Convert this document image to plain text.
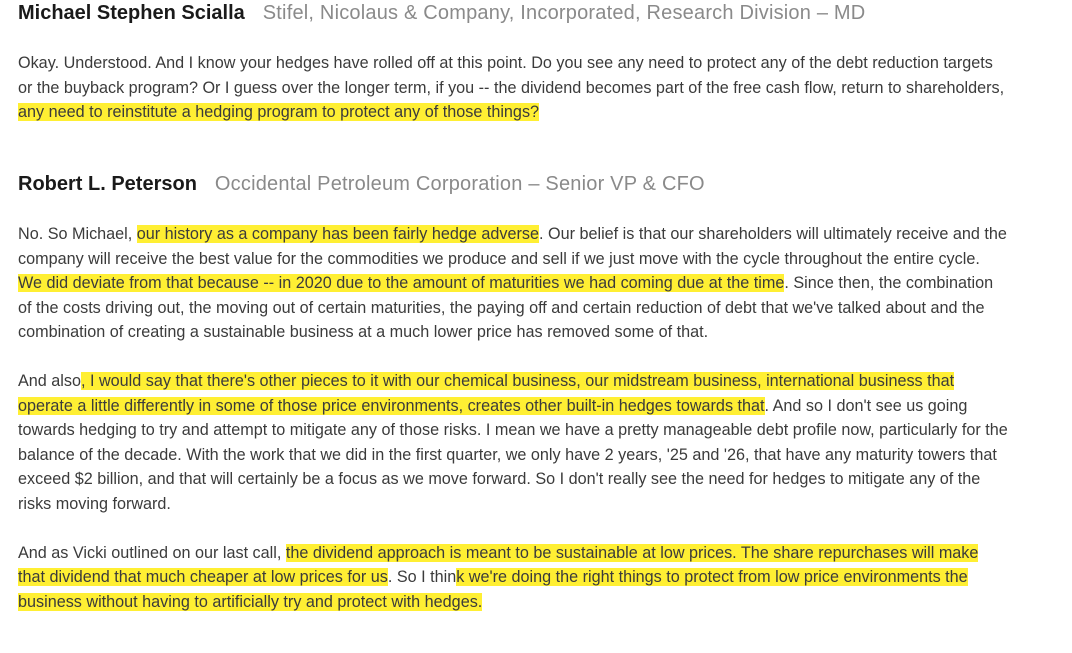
Michael Stephen Scialla Stifel, Nicolaus & Company, Incorporated, Research Division – MD

Okay. Understood. And I know your hedges have rolled off at this point. Do you see any need to protect any of the debt reduction targets or the buyback program? Or I guess over the longer term, if you -- the dividend becomes part of the free cash flow, return to shareholders, any need to reinstitute a hedging program to protect any of those things?

Robert L. Peterson Occidental Petroleum Corporation – Senior VP & CFO

No. So Michael, our history as a company has been fairly hedge adverse. Our belief is that our shareholders will ultimately receive and the company will receive the best value for the commodities we produce and sell if we just move with the cycle throughout the entire cycle. We did deviate from that because -- in 2020 due to the amount of maturities we had coming due at the time. Since then, the combination of the costs driving out, the moving out of certain maturities, the paying off and certain reduction of debt that we've talked about and the combination of creating a sustainable business at a much lower price has removed some of that.

And also, I would say that there's other pieces to it with our chemical business, our midstream business, international business that operate a little differently in some of those price environments, creates other built-in hedges towards that. And so I don't see us going towards hedging to try and attempt to mitigate any of those risks. I mean we have a pretty manageable debt profile now, particularly for the balance of the decade. With the work that we did in the first quarter, we only have 2 years, '25 and '26, that have any maturity towers that exceed $2 billion, and that will certainly be a focus as we move forward. So I don't really see the need for hedges to mitigate any of the risks moving forward.

And as Vicki outlined on our last call, the dividend approach is meant to be sustainable at low prices. The share repurchases will make that dividend that much cheaper at low prices for us. So I think we're doing the right things to protect from low price environments the business without having to artificially try and protect with hedges.
